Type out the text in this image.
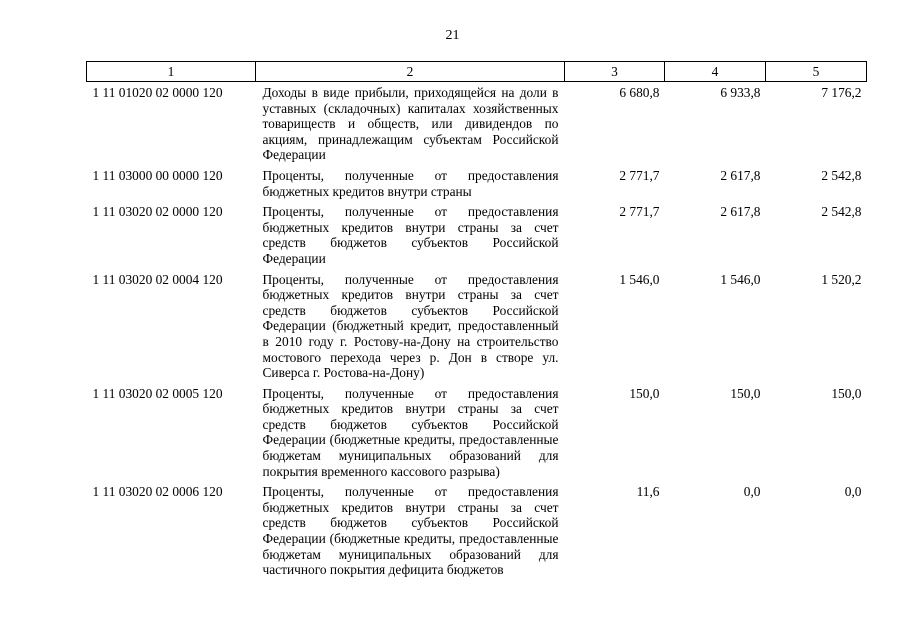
21
1	2	3	4	5
1 11 01020 02 0000 120	Доходы в виде прибыли, приходящейся на доли в уставных (складочных) капиталах хозяйственных товариществ и обществ, или дивидендов по акциям, принадлежащим субъектам Российской Федерации	6 680,8	6 933,8	7 176,2
1 11 03000 00 0000 120	Проценты, полученные от предоставления бюджетных кредитов внутри страны	2 771,7	2 617,8	2 542,8
1 11 03020 02 0000 120	Проценты, полученные от предоставления бюджетных кредитов внутри страны за счет средств бюджетов субъектов Российской Федерации	2 771,7	2 617,8	2 542,8
1 11 03020 02 0004 120	Проценты, полученные от предоставления бюджетных кредитов внутри страны за счет средств бюджетов субъектов Российской Федерации (бюджетный кредит, предоставленный в 2010 году г. Ростову-на-Дону на строительство мостового перехода через р. Дон в створе ул. Сиверса г. Ростова-на-Дону)	1 546,0	1 546,0	1 520,2
1 11 03020 02 0005 120	Проценты, полученные от предоставления бюджетных кредитов внутри страны за счет средств бюджетов субъектов Российской Федерации (бюджетные кредиты, предоставленные бюджетам муниципальных образований для покрытия временного кассового разрыва)	150,0	150,0	150,0
1 11 03020 02 0006 120	Проценты, полученные от предоставления бюджетных кредитов внутри страны за счет средств бюджетов субъектов Российской Федерации (бюджетные кредиты, предоставленные бюджетам муниципальных образований для частичного покрытия дефицита бюджетов	11,6	0,0	0,0
